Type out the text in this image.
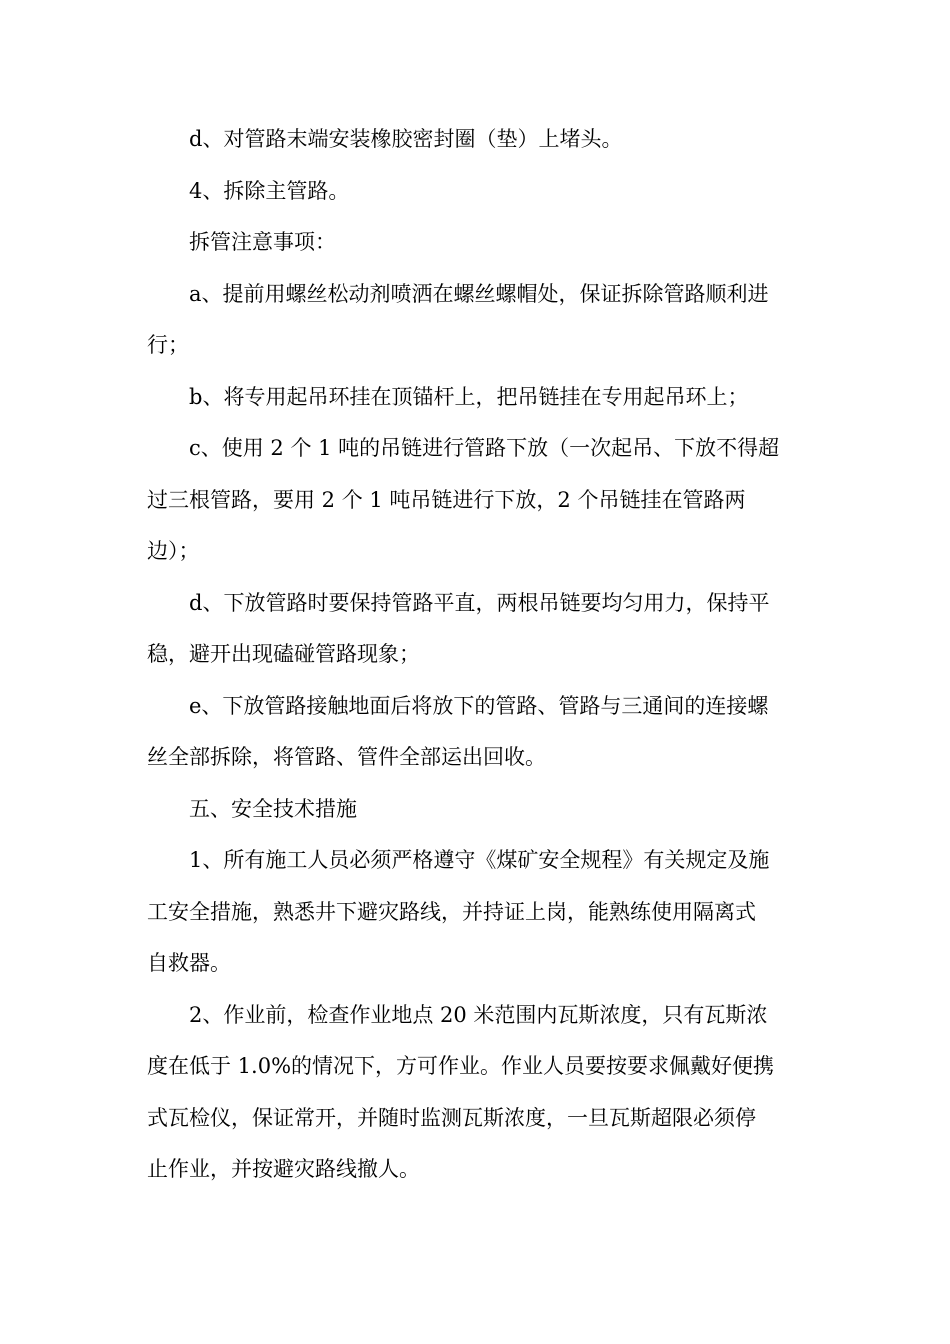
d、对管路末端安装橡胶密封圈（垫）上堵头。

4、拆除主管路。

拆管注意事项：

a、提前用螺丝松动剂喷洒在螺丝螺帽处，保证拆除管路顺利进
行；

b、将专用起吊环挂在顶锚杆上，把吊链挂在专用起吊环上；

c、使用 2 个 1 吨的吊链进行管路下放（一次起吊、下放不得超
过三根管路，要用 2 个 1 吨吊链进行下放，2 个吊链挂在管路两
边）；

d、下放管路时要保持管路平直，两根吊链要均匀用力，保持平
稳，避开出现磕碰管路现象；

e、下放管路接触地面后将放下的管路、管路与三通间的连接螺
丝全部拆除，将管路、管件全部运出回收。

五、安全技术措施

1、所有施工人员必须严格遵守《煤矿安全规程》有关规定及施
工安全措施，熟悉井下避灾路线，并持证上岗，能熟练使用隔离式
自救器。

2、作业前，检查作业地点 20 米范围内瓦斯浓度，只有瓦斯浓
度在低于 1.0%的情况下，方可作业。作业人员要按要求佩戴好便携
式瓦检仪，保证常开，并随时监测瓦斯浓度，一旦瓦斯超限必须停
止作业，并按避灾路线撤人。
